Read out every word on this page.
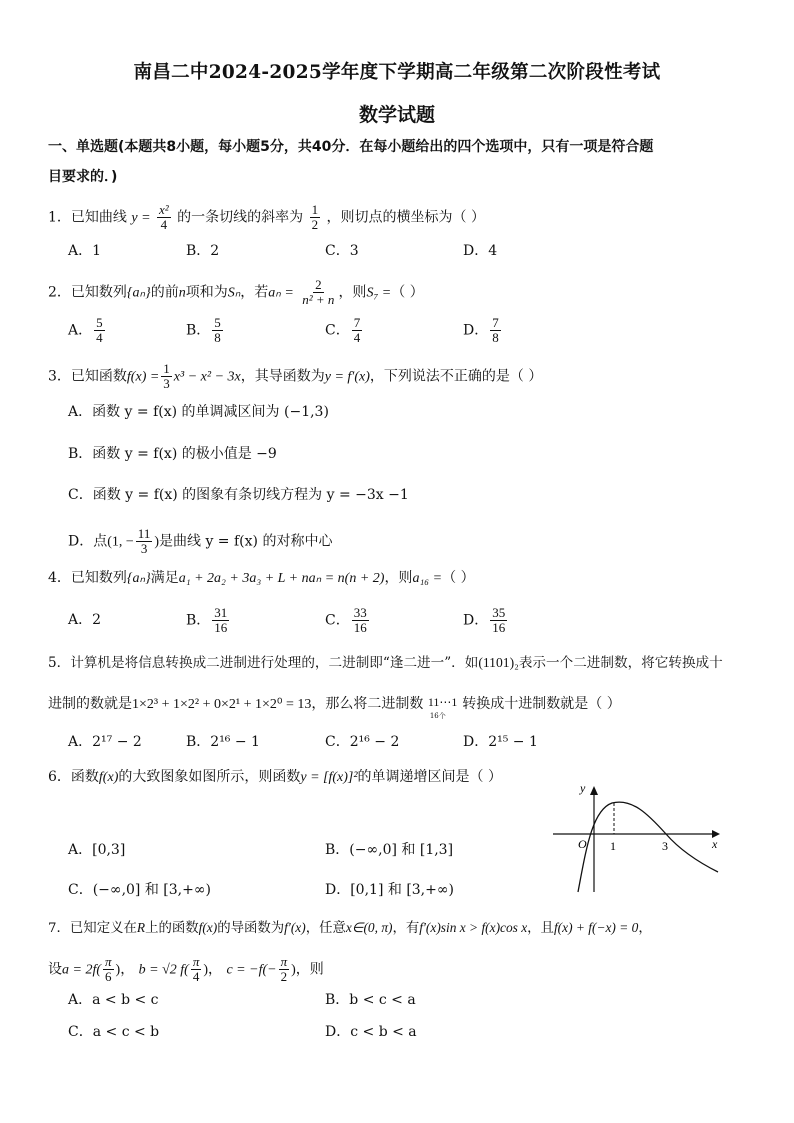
南昌二中2024-2025学年度下学期高二年级第二次阶段性考试
数学试题
一、单选题(本题共8小题，每小题5分，共40分．在每小题给出的四个选项中，只有一项是符合题
目要求的．)
1．已知曲线 $y = \frac{\text{x²}}{4}$ 的一条切线的斜率为 $\frac{1}{2}$ ，则切点的横坐标为（ ）
A．1	B．2	C．3	D．4
2．已知数列{aₙ}的前n项和为Sₙ，若$a_n = \frac{2}{\text{n² + n}}$ ，则S₇ =（ ）
A． $\frac{5}{4}$	B． $\frac{5}{8}$	C． $\frac{7}{4}$	D． $\frac{7}{8}$
3．已知函数$f(x) = \frac{1}{3} x^3 - x^2 - 3x$，其导函数为y = f′(x)，下列说法不正确的是（ ）
A．函数 y = f(x) 的单调减区间为 (−1,3)
B．函数 y = f(x) 的极小值是 −9
C．函数 y = f(x) 的图象有条切线方程为 y = −3x −1
D．点(1, − $\frac{11}{3}$ )是曲线 y = f(x) 的对称中心
4．已知数列{aₙ}满足a₁ + 2a₂ + 3a₃ + L + naₙ = n(n + 2)，则a₁₆ =（ ）
A．2	B． $\frac{31}{16}$	C． $\frac{33}{16}$	D． $\frac{35}{16}$
5．计算机是将信息转换成二进制进行处理的，二进制即“逢二进一”．如(1101)₂表示一个二进制数，将它转换成十
进制的数就是1×2³ + 1×2² + 0×2¹ + 1×2⁰ = 13，那么将二进制数 11⋯1
16个
转换成十进制数就是（ ）
A．2¹⁷ − 2	B．2¹⁶ − 1	C．2¹⁶ − 2	D．2¹⁵ − 1
6．函数f(x)的大致图象如图所示，则函数y = [f(x)]²的单调递增区间是（ ）
A．[0,3]	B．(−∞,0] 和 [1,3]
C．(−∞,0] 和 [3,+∞)	D．[0,1] 和 [3,+∞)
y
O 1	3	x
7．已知定义在R上的函数f(x)的导函数为f′(x)，任意x∈(0, π)，有f′(x)sin x > f(x)cos x，且f(x) + f(−x) = 0，
设$a = 2f( \frac{\pi}{6}$ )， b = √2 $f( \frac{\pi}{4}$ )， $c = -f(- \frac{\pi}{2}$ )，则
A．a < b < c	B．b < c < a
C．a < c < b	D．c < b < a
